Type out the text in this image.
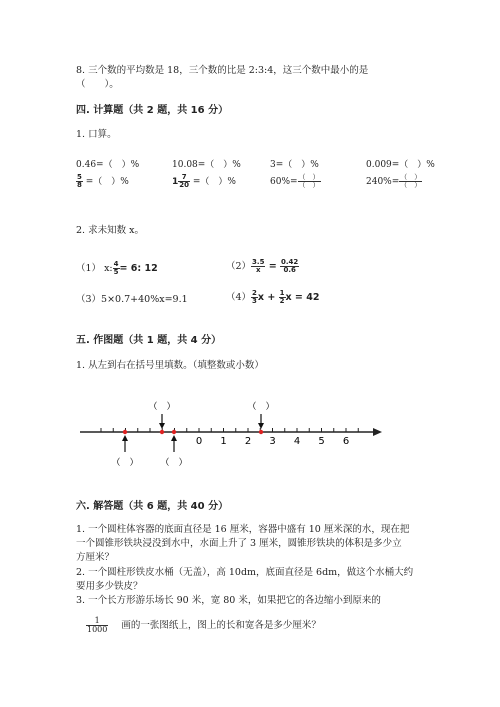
8. 三个数的平均数是 18，三个数的比是 2:3:4，这三个数中最小的是
（　　）。
四. 计算题（共 2 题，共 16 分）
1. 口算。
0.46=（　）%	10.08=（　）%	3=（　）%	0.009=（　）%
$\frac{5}{8}$ =（　）%	$1 \frac{7}{20}$ =（　）%	$60\%= \frac{( )}{( )}$	$240\%= \frac{( )}{( )}$
2. 求未知数 x。
（1） x: $\frac{4}{5} = 6$: 12	$(2) \frac{3.5}{x} = \frac{0.42}{0.6}$
（3）5×0.7+40%x=9.1	$(4) \frac{2}{3}$ $x + \frac{1}{2}$ x = 42
五. 作图题（共 1 题，共 4 分）
1. 从左到右在括号里填数。（填整数或小数）
0 1 2 3 4 5 6
（　）	（　）
（　） （　）
六. 解答题（共 6 题，共 40 分）
1. 一个圆柱体容器的底面直径是 16 厘米，容器中盛有 10 厘米深的水，现在把
一个圆锥形铁块浸没到水中，水面上升了 3 厘米，圆锥形铁块的体积是多少立
方厘米？
2. 一个圆柱形铁皮水桶（无盖），高 10dm，底面直径是 6dm，做这个水桶大约
要用多少铁皮？
3. 一个长方形游乐场长 90 米，宽 80 米，如果把它的各边缩小到原来的
$\frac{1}{1000}$ 画的一张图纸上，图上的长和宽各是多少厘米？
